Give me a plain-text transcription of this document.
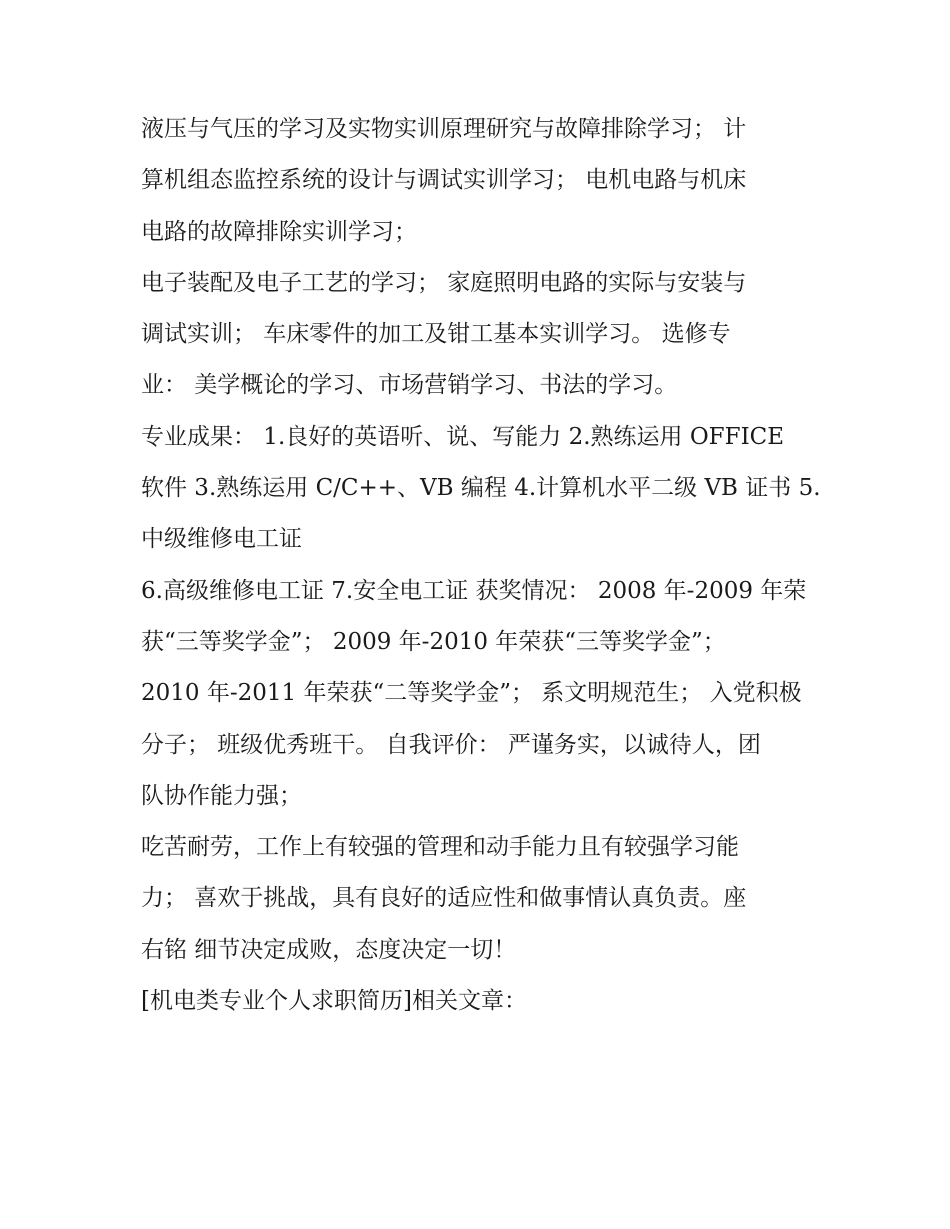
液压与气压的学习及实物实训原理研究与故障排除学习； 计
算机组态监控系统的设计与调试实训学习； 电机电路与机床
电路的故障排除实训学习；
电子装配及电子工艺的学习； 家庭照明电路的实际与安装与
调试实训； 车床零件的加工及钳工基本实训学习。 选修专
业： 美学概论的学习、市场营销学习、书法的学习。
专业成果： 1.良好的英语听、说、写能力 2.熟练运用 OFFICE
软件 3.熟练运用 C/C++、VB 编程 4.计算机水平二级 VB 证书 5.
中级维修电工证
6.高级维修电工证 7.安全电工证 获奖情况： 2008 年-2009 年荣
获“三等奖学金”； 2009 年-2010 年荣获“三等奖学金”；
2010 年-2011 年荣获“二等奖学金”； 系文明规范生； 入党积极
分子； 班级优秀班干。 自我评价： 严谨务实，以诚待人，团
队协作能力强；
吃苦耐劳，工作上有较强的管理和动手能力且有较强学习能
力； 喜欢于挑战，具有良好的适应性和做事情认真负责。座
右铭 细节决定成败，态度决定一切！
[机电类专业个人求职简历]相关文章：
